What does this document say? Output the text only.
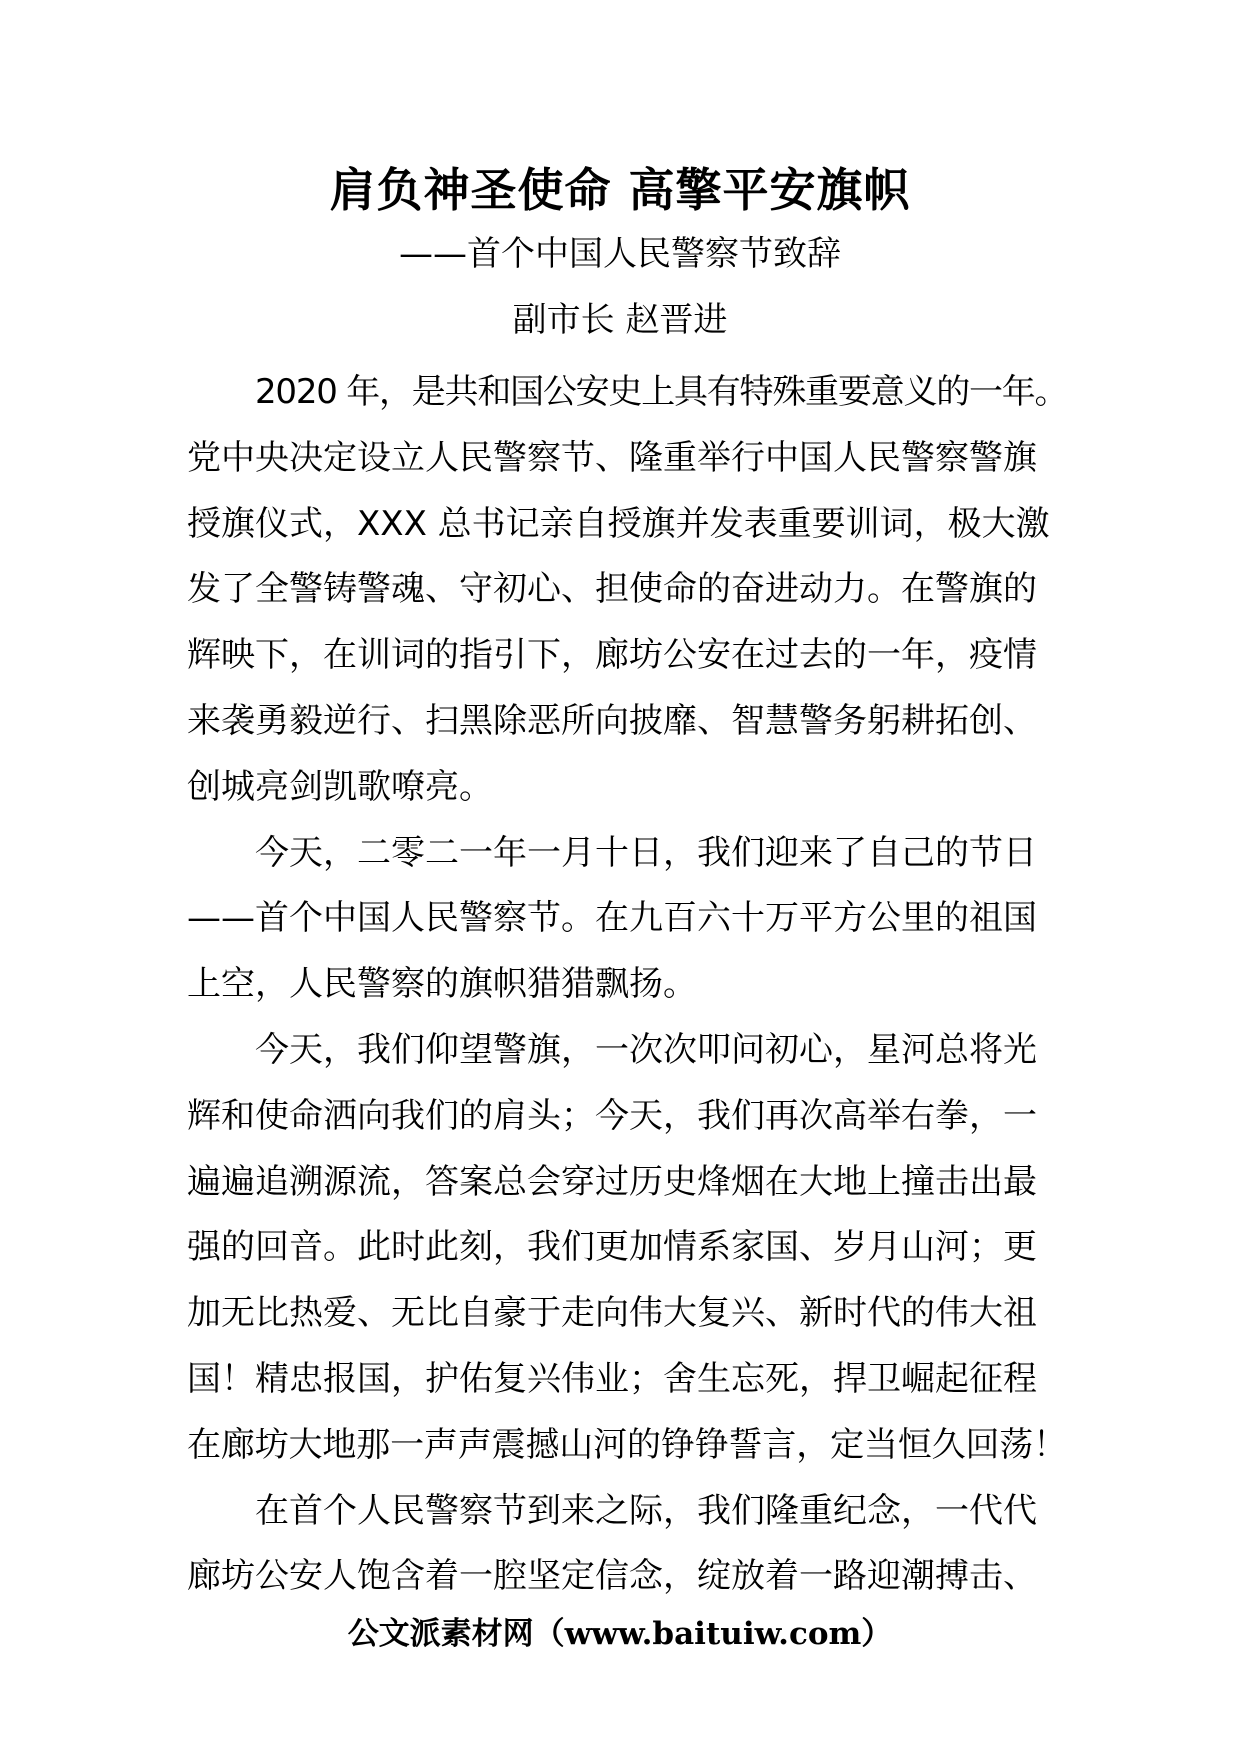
肩负神圣使命 高擎平安旗帜
——首个中国人民警察节致辞
副市长 赵晋进
2020 年，是共和国公安史上具有特殊重要意义的一年。
党中央决定设立人民警察节、隆重举行中国人民警察警旗
授旗仪式，XXX 总书记亲自授旗并发表重要训词，极大激
发了全警铸警魂、守初心、担使命的奋进动力。在警旗的
辉映下，在训词的指引下，廊坊公安在过去的一年，疫情
来袭勇毅逆行、扫黑除恶所向披靡、智慧警务躬耕拓创、
创城亮剑凯歌嘹亮。
今天，二零二一年一月十日，我们迎来了自己的节日
——首个中国人民警察节。在九百六十万平方公里的祖国
上空，人民警察的旗帜猎猎飘扬。
今天，我们仰望警旗，一次次叩问初心，星河总将光
辉和使命洒向我们的肩头；今天，我们再次高举右拳，一
遍遍追溯源流，答案总会穿过历史烽烟在大地上撞击出最
强的回音。此时此刻，我们更加情系家国、岁月山河；更
加无比热爱、无比自豪于走向伟大复兴、新时代的伟大祖
国！精忠报国，护佑复兴伟业；舍生忘死，捍卫崛起征程
在廊坊大地那一声声震撼山河的铮铮誓言，定当恒久回荡！
在首个人民警察节到来之际，我们隆重纪念，一代代
廊坊公安人饱含着一腔坚定信念，绽放着一路迎潮搏击、
公文派素材网（www.baituiw.com）
